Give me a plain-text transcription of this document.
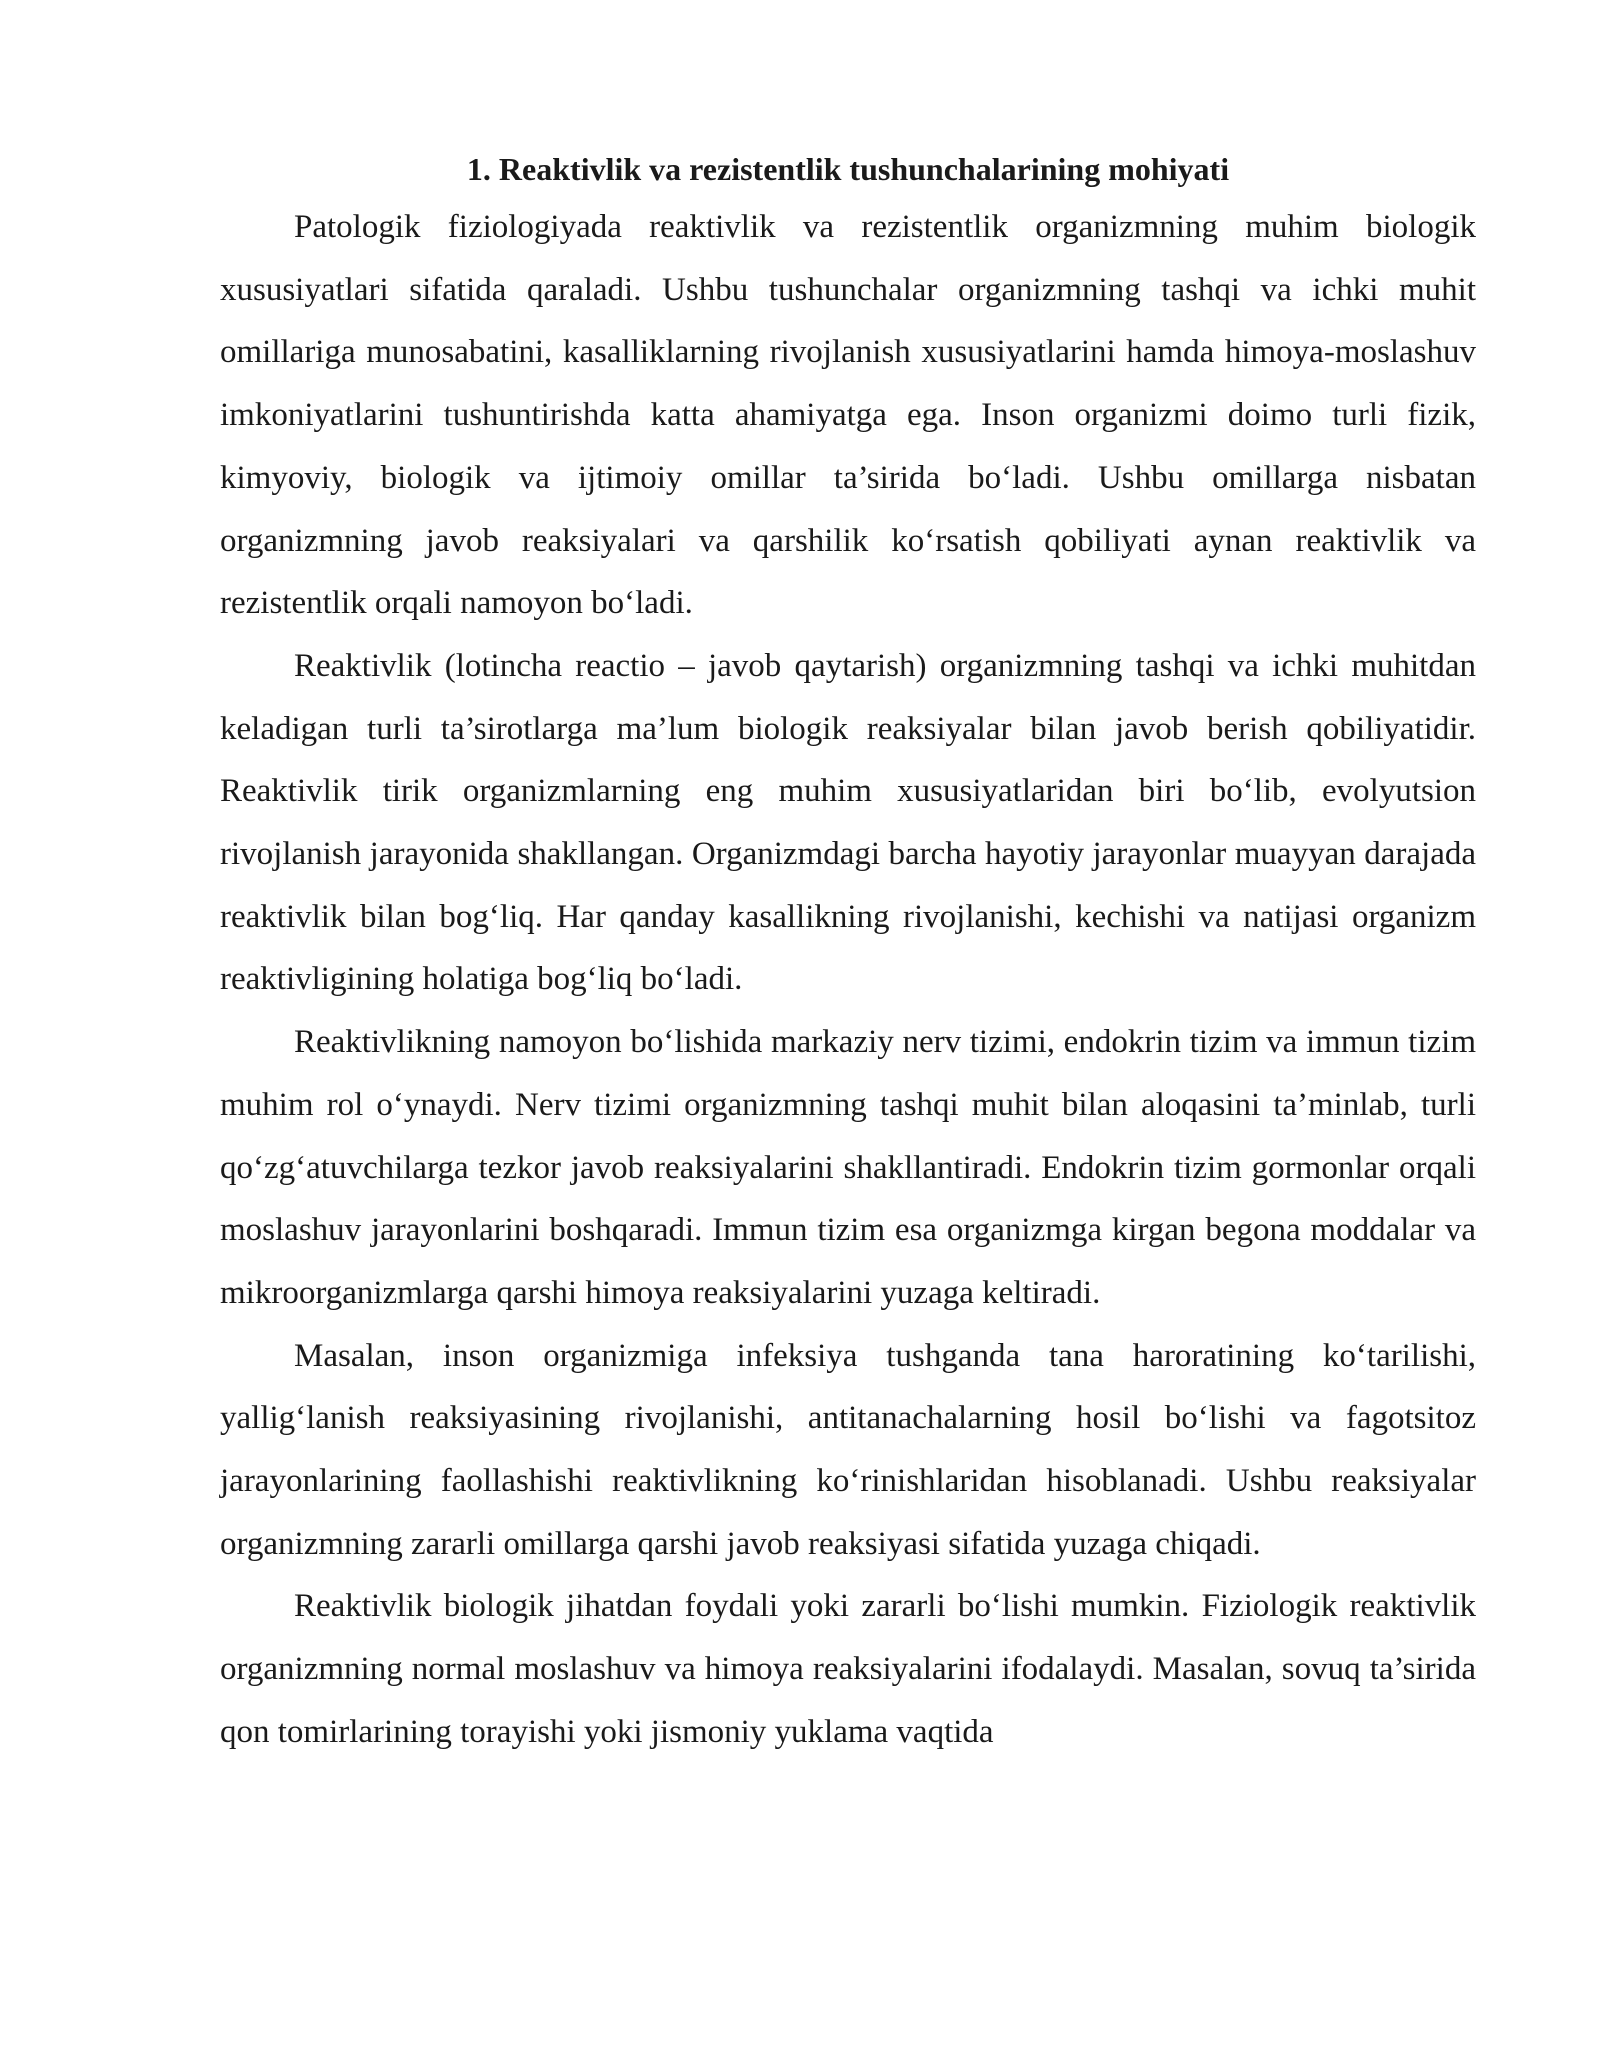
1. Reaktivlik va rezistentlik tushunchalarining mohiyati

Patologik fiziologiyada reaktivlik va rezistentlik organizmning muhim biologik xususiyatlari sifatida qaraladi. Ushbu tushunchalar organizmning tashqi va ichki muhit omillariga munosabatini, kasalliklarning rivojlanish xususiyatlarini hamda himoya-moslashuv imkoniyatlarini tushuntirishda katta ahamiyatga ega. Inson organizmi doimo turli fizik, kimyoviy, biologik va ijtimoiy omillar ta’sirida bo‘ladi. Ushbu omillarga nisbatan organizmning javob reaksiyalari va qarshilik ko‘rsatish qobiliyati aynan reaktivlik va rezistentlik orqali namoyon bo‘ladi.

Reaktivlik (lotincha reactio – javob qaytarish) organizmning tashqi va ichki muhitdan keladigan turli ta’sirotlarga ma’lum biologik reaksiyalar bilan javob berish qobiliyatidir. Reaktivlik tirik organizmlarning eng muhim xususiyatlaridan biri bo‘lib, evolyutsion rivojlanish jarayonida shakllangan. Organizmdagi barcha hayotiy jarayonlar muayyan darajada reaktivlik bilan bog‘liq. Har qanday kasallikning rivojlanishi, kechishi va natijasi organizm reaktivligining holatiga bog‘liq bo‘ladi.

Reaktivlikning namoyon bo‘lishida markaziy nerv tizimi, endokrin tizim va immun tizim muhim rol o‘ynaydi. Nerv tizimi organizmning tashqi muhit bilan aloqasini ta’minlab, turli qo‘zg‘atuvchilarga tezkor javob reaksiyalarini shakllantiradi. Endokrin tizim gormonlar orqali moslashuv jarayonlarini boshqaradi. Immun tizim esa organizmga kirgan begona moddalar va mikroorganizmlarga qarshi himoya reaksiyalarini yuzaga keltiradi.

Masalan, inson organizmiga infeksiya tushganda tana haroratining ko‘tarilishi, yallig‘lanish reaksiyasining rivojlanishi, antitanachalarning hosil bo‘lishi va fagotsitoz jarayonlarining faollashishi reaktivlikning ko‘rinishlaridan hisoblanadi. Ushbu reaksiyalar organizmning zararli omillarga qarshi javob reaksiyasi sifatida yuzaga chiqadi.

Reaktivlik biologik jihatdan foydali yoki zararli bo‘lishi mumkin. Fiziologik reaktivlik organizmning normal moslashuv va himoya reaksiyalarini ifodalaydi. Masalan, sovuq ta’sirida qon tomirlarining torayishi yoki jismoniy yuklama vaqtida
